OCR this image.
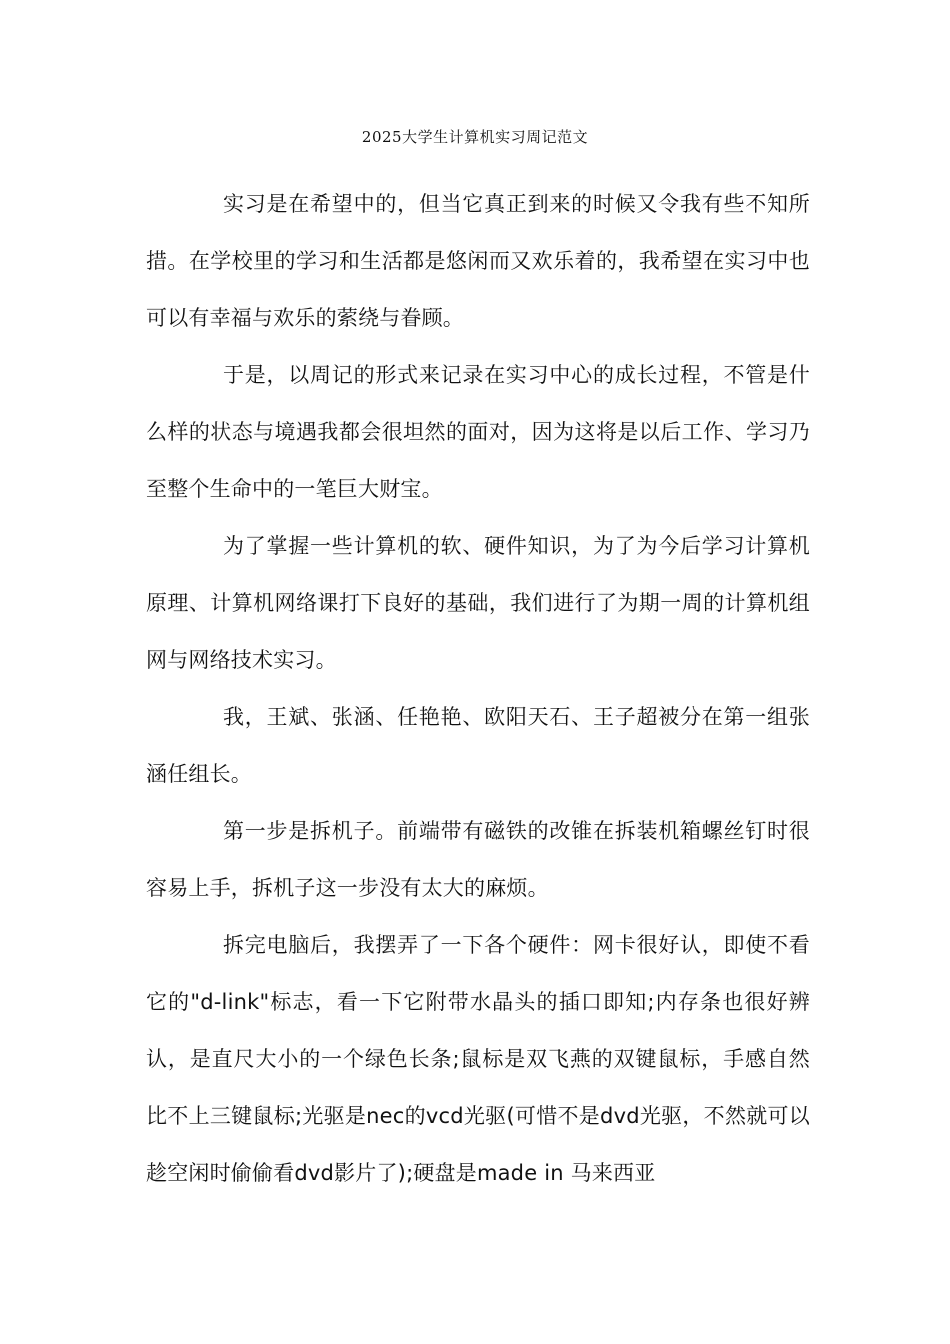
2025大学生计算机实习周记范文

实习是在希望中的，但当它真正到来的时候又令我有些不知所措。在学校里的学习和生活都是悠闲而又欢乐着的，我希望在实习中也可以有幸福与欢乐的萦绕与眷顾。

于是，以周记的形式来记录在实习中心的成长过程，不管是什么样的状态与境遇我都会很坦然的面对，因为这将是以后工作、学习乃至整个生命中的一笔巨大财宝。

为了掌握一些计算机的软、硬件知识，为了为今后学习计算机原理、计算机网络课打下良好的基础，我们进行了为期一周的计算机组网与网络技术实习。

我，王斌、张涵、任艳艳、欧阳天石、王子超被分在第一组张涵任组长。

第一步是拆机子。前端带有磁铁的改锥在拆装机箱螺丝钉时很容易上手，拆机子这一步没有太大的麻烦。

拆完电脑后，我摆弄了一下各个硬件：网卡很好认，即使不看它的"d-link"标志，看一下它附带水晶头的插口即知;内存条也很好辨认，是直尺大小的一个绿色长条;鼠标是双飞燕的双键鼠标，手感自然比不上三键鼠标;光驱是nec的vcd光驱(可惜不是dvd光驱，不然就可以趁空闲时偷偷看dvd影片了);硬盘是made in 马来西亚
